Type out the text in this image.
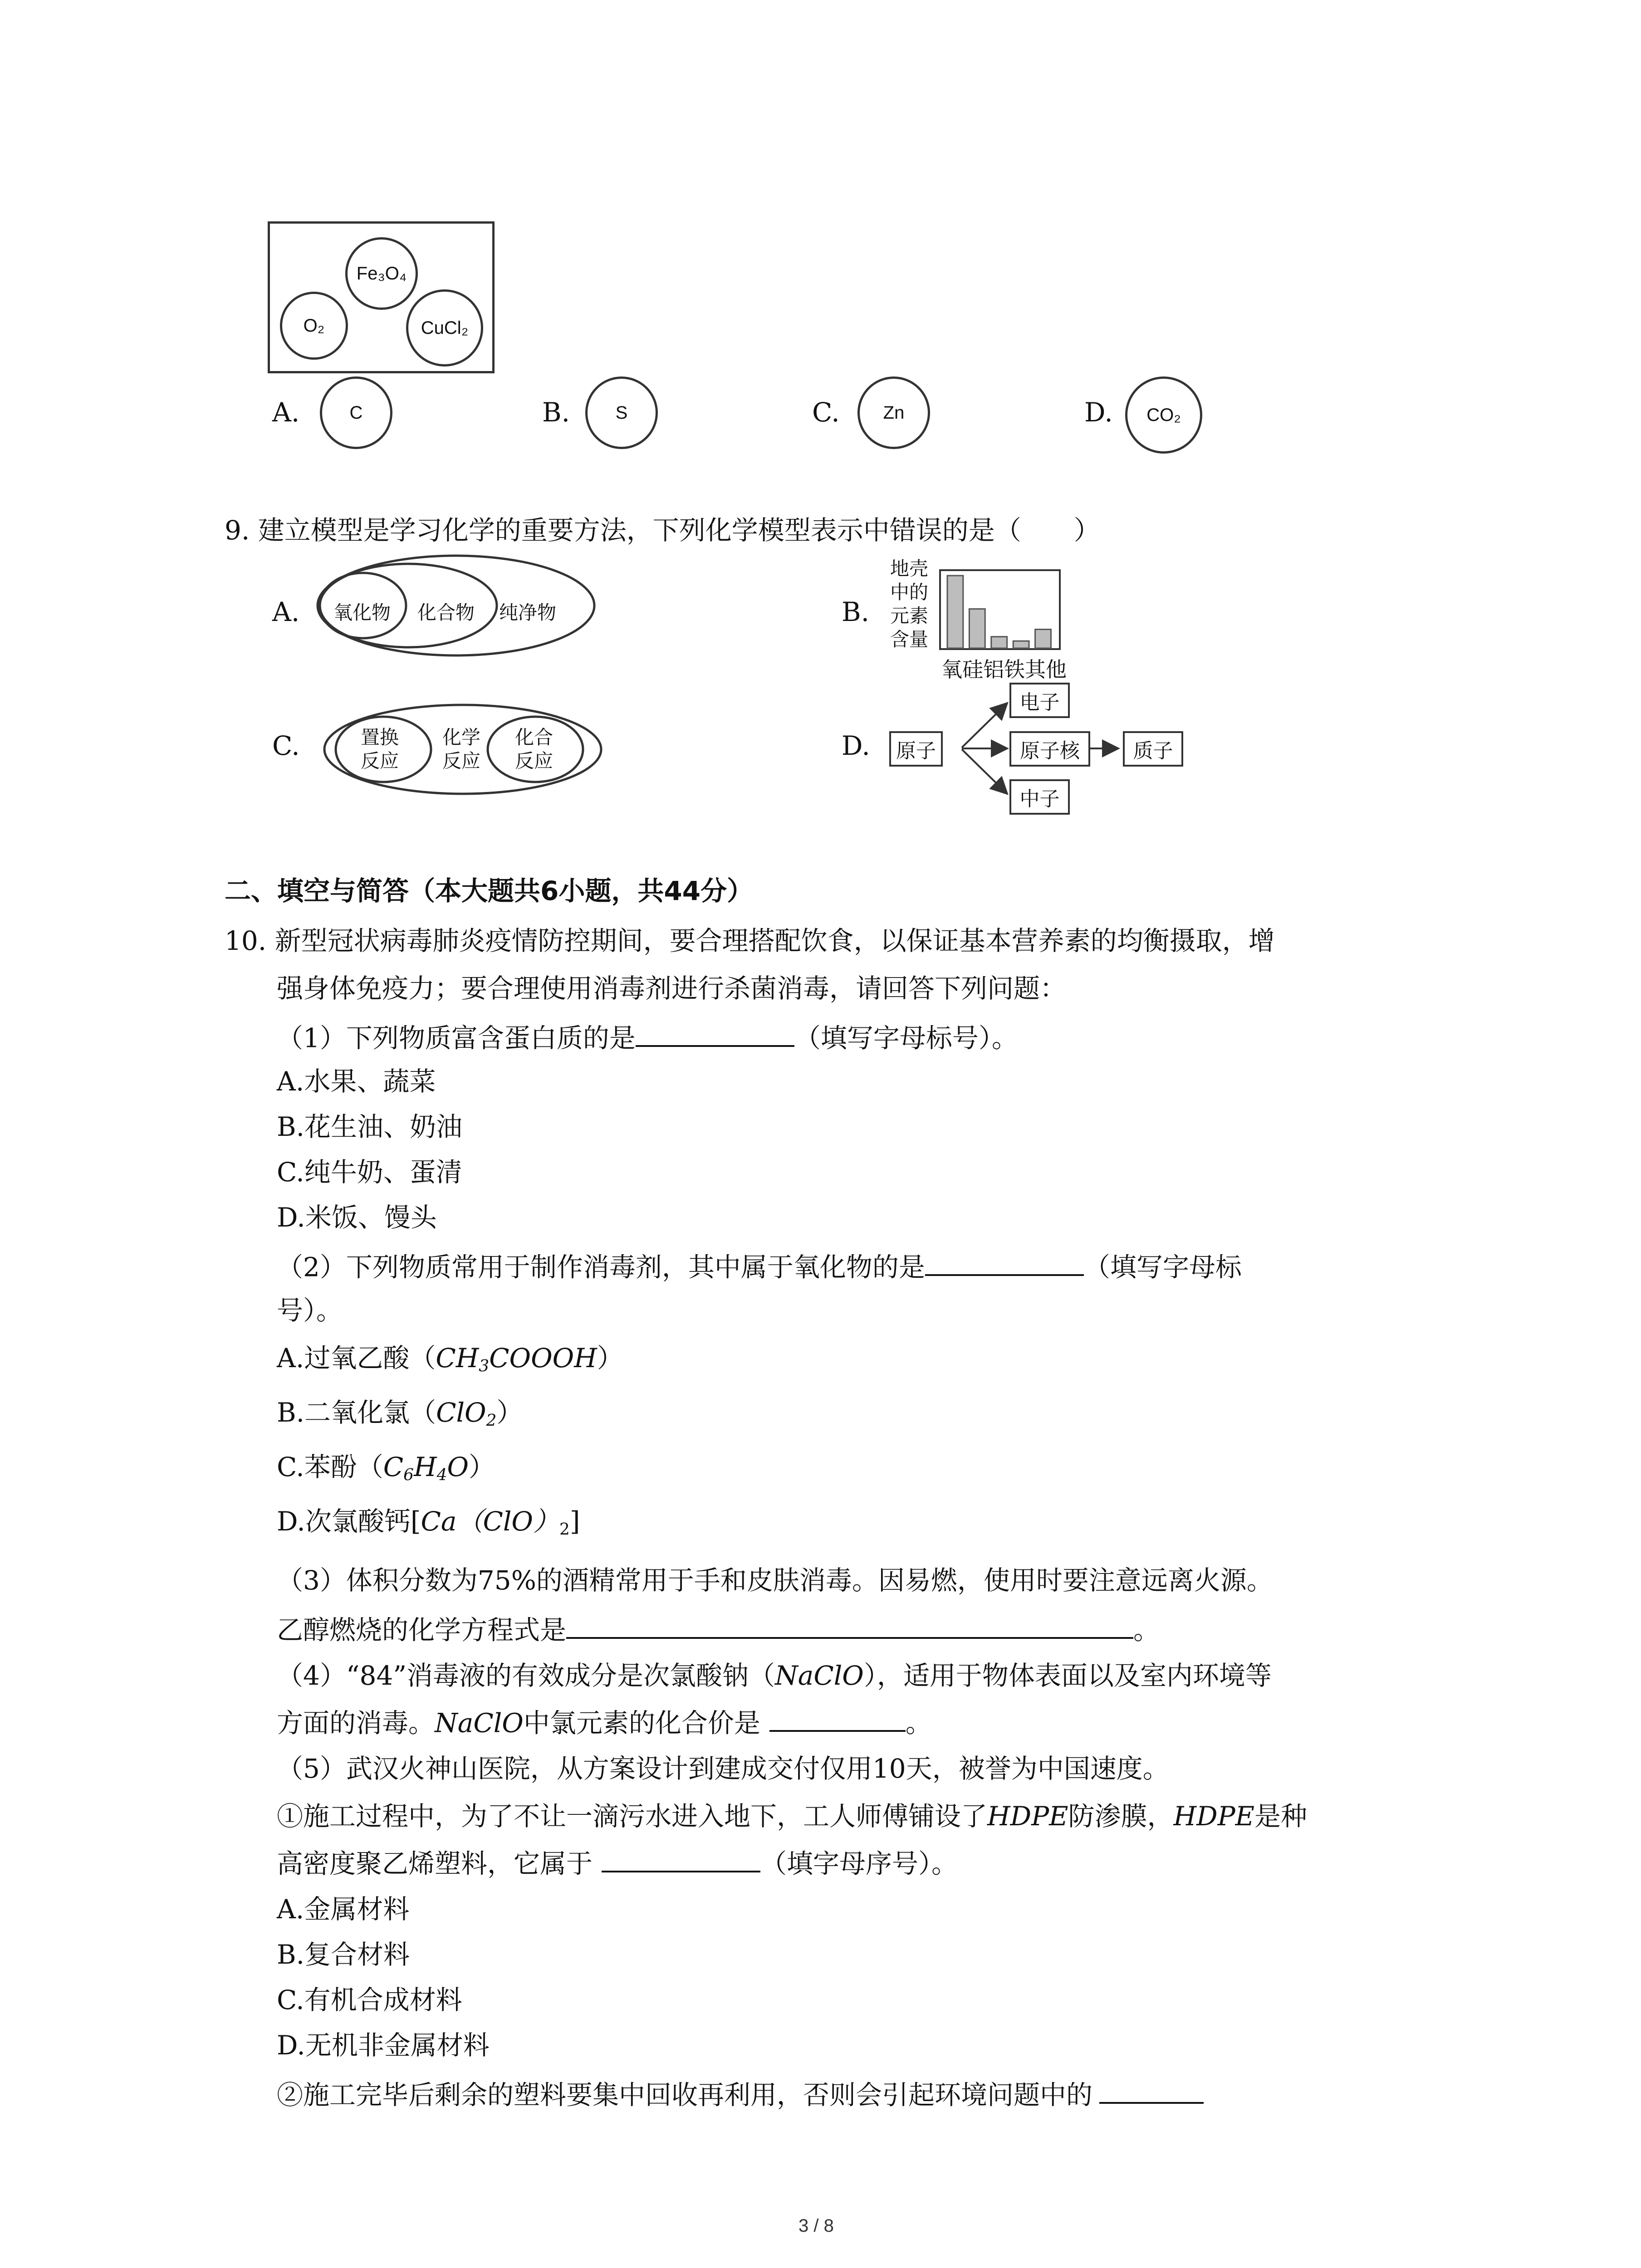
Fe₃O₄
O₂	CuCl₂
A.	C	B.	S	C. Zn	D. CO₂
9. 建立模型是学习化学的重要方法，下列化学模型表示中错误的是（　　）
A. 氧化物 化合物 纯净物	B.
地壳
中的
元素
含量
氧硅铝铁其他
C.	置换
反应
化学
反应
化合
反应	D.	原子
电子
原子核
中子
质子
二、填空与简答（本大题共6小题，共44分）
10. 新型冠状病毒肺炎疫情防控期间，要合理搭配饮食，以保证基本营养素的均衡摄取，增
强身体免疫力；要合理使用消毒剂进行杀菌消毒，请回答下列问题：
（1）下列物质富含蛋白质的是	（填写字母标号）。
A.水果、蔬菜
B.花生油、奶油
C.纯牛奶、蛋清
D.米饭、馒头
（2）下列物质常用于制作消毒剂，其中属于氧化物的是	（填写字母标
号）。
A.过氧乙酸$(CH_3COOOH)$
B.二氧化氯（ClO$_2$）
C.苯酚$(C_6H_4O)$
D.次氯酸钙$[Ca(ClO)_2]$
（3）体积分数为75%的酒精常用于手和皮肤消毒。因易燃，使用时要注意远离火源。
乙醇燃烧的化学方程式是	。
（4）“84”消毒液的有效成分是次氯酸钠（NaClO），适用于物体表面以及室内环境等
方面的消毒。NaClO中氯元素的化合价是	。
（5）武汉火神山医院，从方案设计到建成交付仅用10天，被誉为中国速度。
①施工过程中，为了不让一滴污水进入地下，工人师傅铺设了HDPE防渗膜，HDPE是种
高密度聚乙烯塑料，它属于	（填字母序号）。
A.金属材料
B.复合材料
C.有机合成材料
D.无机非金属材料
②施工完毕后剩余的塑料要集中回收再利用，否则会引起环境问题中的
3 / 8
